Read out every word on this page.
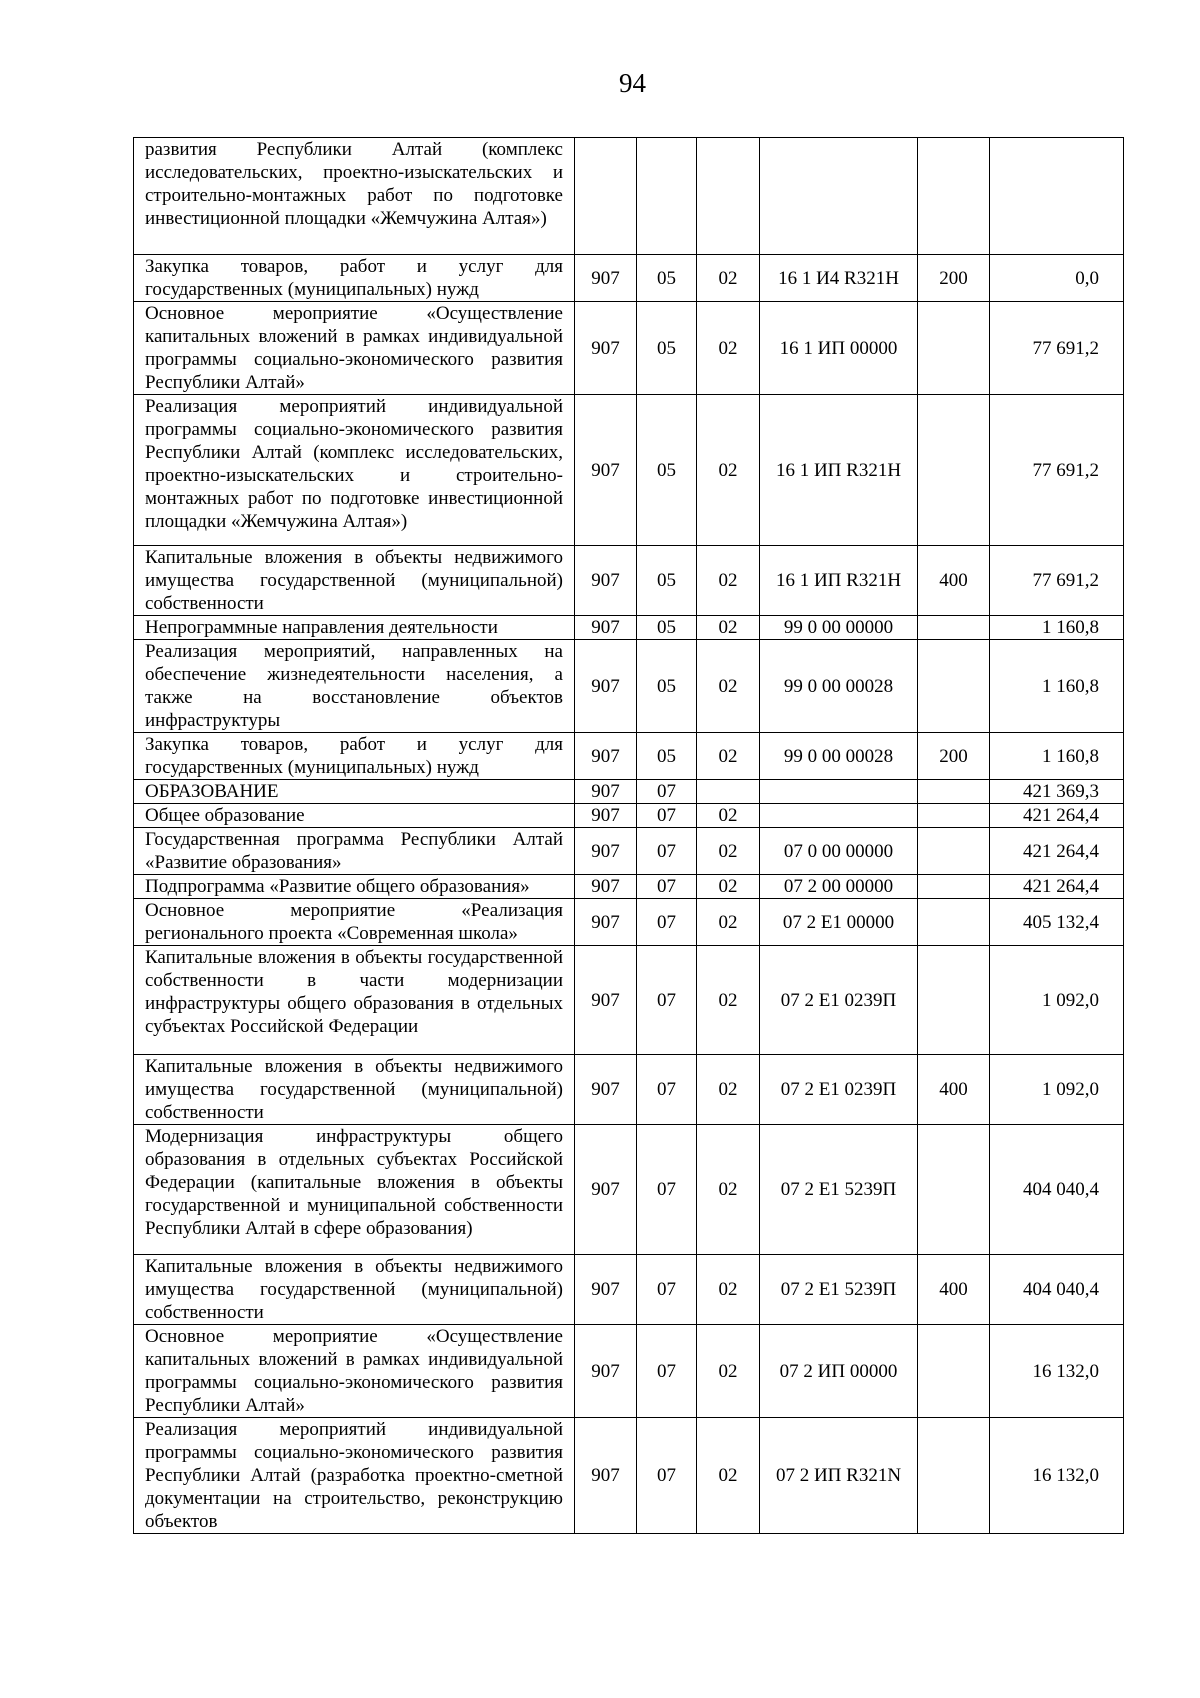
94
развития Республики Алтай (комплекс исследовательских, проектно-изыскательских и строительно-монтажных работ по подготовке инвестиционной площадки «Жемчужина Алтая»)						
Закупка товаров, работ и услуг для государственных (муниципальных) нужд	907	05	02	16 1 И4 R321Н	200	0,0
Основное мероприятие «Осуществление капитальных вложений в рамках индивидуальной программы социально-экономического развития Республики Алтай»	907	05	02	16 1 ИП 00000		77 691,2
Реализация мероприятий индивидуальной программы социально-экономического развития Республики Алтай (комплекс исследовательских, проектно-изыскательских и строительно-монтажных работ по подготовке инвестиционной площадки «Жемчужина Алтая»)	907	05	02	16 1 ИП R321Н		77 691,2
Капитальные вложения в объекты недвижимого имущества государственной (муниципальной) собственности	907	05	02	16 1 ИП R321Н	400	77 691,2
Непрограммные направления деятельности	907	05	02	99 0 00 00000		1 160,8
Реализация мероприятий, направленных на обеспечение жизнедеятельности населения, а также на восстановление объектов инфраструктуры	907	05	02	99 0 00 00028		1 160,8
Закупка товаров, работ и услуг для государственных (муниципальных) нужд	907	05	02	99 0 00 00028	200	1 160,8
ОБРАЗОВАНИЕ	907	07				421 369,3
Общее образование	907	07	02			421 264,4
Государственная программа Республики Алтай «Развитие образования»	907	07	02	07 0 00 00000		421 264,4
Подпрограмма «Развитие общего образования»	907	07	02	07 2 00 00000		421 264,4
Основное мероприятие «Реализация регионального проекта «Современная школа»	907	07	02	07 2 Е1 00000		405 132,4
Капитальные вложения в объекты государственной собственности в части модернизации инфраструктуры общего образования в отдельных субъектах Российской Федерации	907	07	02	07 2 Е1 0239П		1 092,0
Капитальные вложения в объекты недвижимого имущества государственной (муниципальной) собственности	907	07	02	07 2 Е1 0239П	400	1 092,0
Модернизация инфраструктуры общего образования в отдельных субъектах Российской Федерации (капитальные вложения в объекты государственной и муниципальной собственности Республики Алтай в сфере образования)	907	07	02	07 2 Е1 5239П		404 040,4
Капитальные вложения в объекты недвижимого имущества государственной (муниципальной) собственности	907	07	02	07 2 Е1 5239П	400	404 040,4
Основное мероприятие «Осуществление капитальных вложений в рамках индивидуальной программы социально-экономического развития Республики Алтай»	907	07	02	07 2 ИП 00000		16 132,0
Реализация мероприятий индивидуальной программы социально-экономического развития Республики Алтай (разработка проектно-сметной документации на строительство, реконструкцию объектов	907	07	02	07 2 ИП R321N		16 132,0
